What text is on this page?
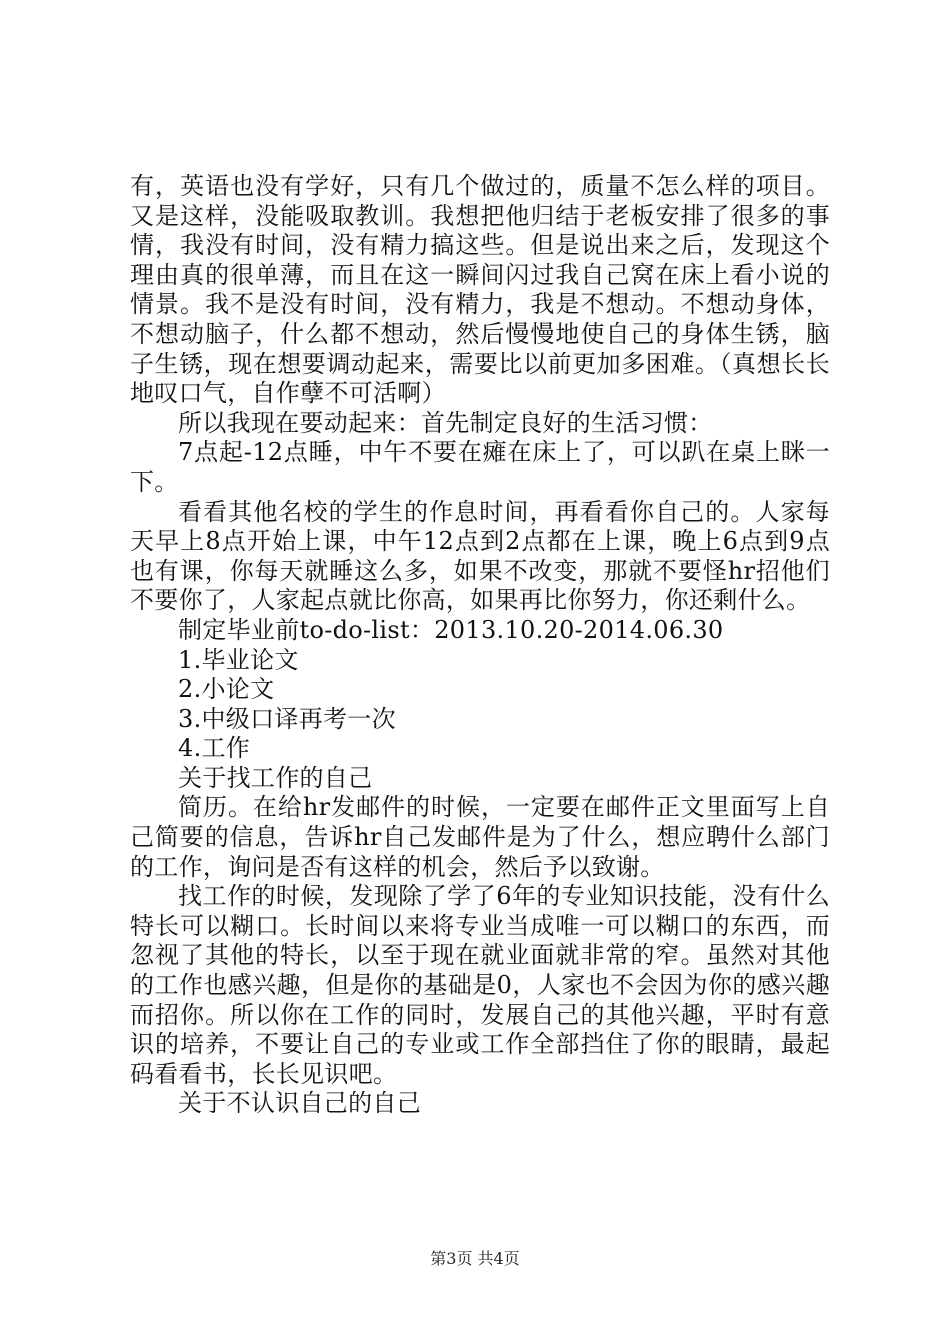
有，英语也没有学好，只有几个做过的，质量不怎么样的项目。又是这样，没能吸取教训。我想把他归结于老板安排了很多的事情，我没有时间，没有精力搞这些。但是说出来之后，发现这个理由真的很单薄，而且在这一瞬间闪过我自己窝在床上看小说的情景。我不是没有时间，没有精力，我是不想动。不想动身体，不想动脑子，什么都不想动，然后慢慢地使自己的身体生锈，脑子生锈，现在想要调动起来，需要比以前更加多困难。（真想长长地叹口气，自作孽不可活啊）

所以我现在要动起来：首先制定良好的生活习惯：

7点起-12点睡，中午不要在瘫在床上了，可以趴在桌上眯一下。

看看其他名校的学生的作息时间，再看看你自己的。人家每天早上8点开始上课，中午12点到2点都在上课，晚上6点到9点也有课，你每天就睡这么多，如果不改变，那就不要怪hr招他们不要你了，人家起点就比你高，如果再比你努力，你还剩什么。

制定毕业前to-do-list：2013.10.20-2014.06.30

1.毕业论文

2.小论文

3.中级口译再考一次

4.工作

关于找工作的自己

简历。在给hr发邮件的时候，一定要在邮件正文里面写上自己简要的信息，告诉hr自己发邮件是为了什么，想应聘什么部门的工作，询问是否有这样的机会，然后予以致谢。

找工作的时候，发现除了学了6年的专业知识技能，没有什么特长可以糊口。长时间以来将专业当成唯一可以糊口的东西，而忽视了其他的特长，以至于现在就业面就非常的窄。虽然对其他的工作也感兴趣，但是你的基础是0，人家也不会因为你的感兴趣而招你。所以你在工作的同时，发展自己的其他兴趣，平时有意识的培养，不要让自己的专业或工作全部挡住了你的眼睛，最起码看看书，长长见识吧。

关于不认识自己的自己

第3页 共4页
